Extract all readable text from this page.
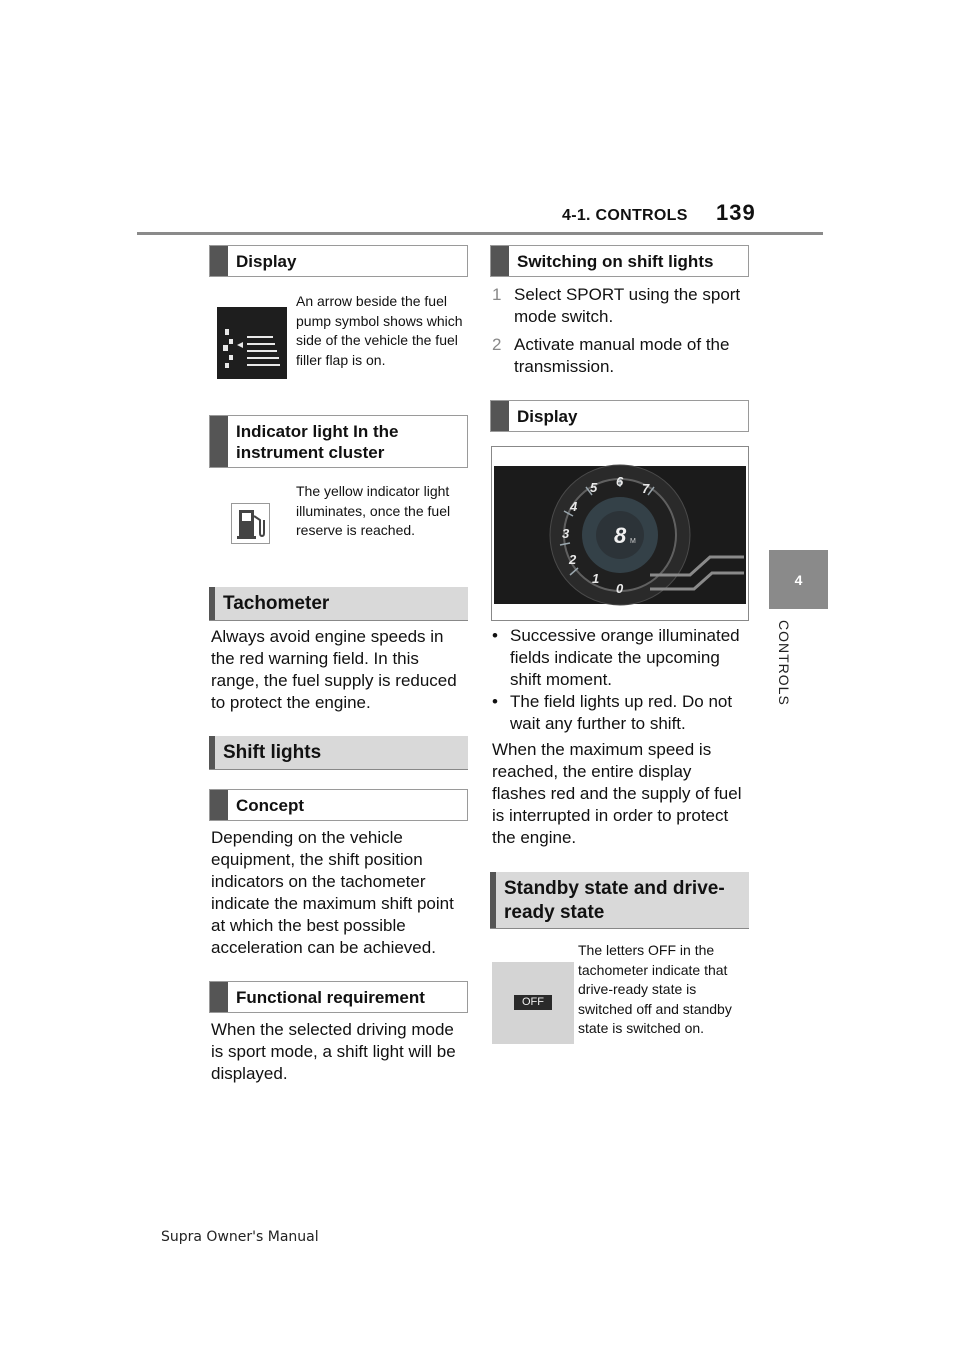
4-1. CONTROLS 139
4
CONTROLS
Display
An arrow beside the fuel pump symbol shows which side of the vehicle the fuel filler flap is on.
Indicator light In the instrument cluster
The yellow indicator light illuminates, once the fuel reserve is reached.
Tachometer
Always avoid engine speeds in the red warning field. In this range, the fuel supply is reduced to protect the engine.
Shift lights
Concept
Depending on the vehicle equipment, the shift position indicators on the tachometer indicate the maximum shift point at which the best possible acceleration can be achieved.
Functional requirement
When the selected driving mode is sport mode, a shift light will be displayed.
Switching on shift lights
1 Select SPORT using the sport mode switch.
2 Activate manual mode of the transmission.
Display
0
1
2
3
4
5 6 7
8 M
• Successive orange illuminated fields indicate the upcoming shift moment.
• The field lights up red. Do not wait any further to shift.
When the maximum speed is reached, the entire display flashes red and the supply of fuel is interrupted in order to protect the engine.
Standby state and drive-ready state
OFF
The letters OFF in the tachometer indicate that drive-ready state is switched off and standby state is switched on.
Supra Owner's Manual
